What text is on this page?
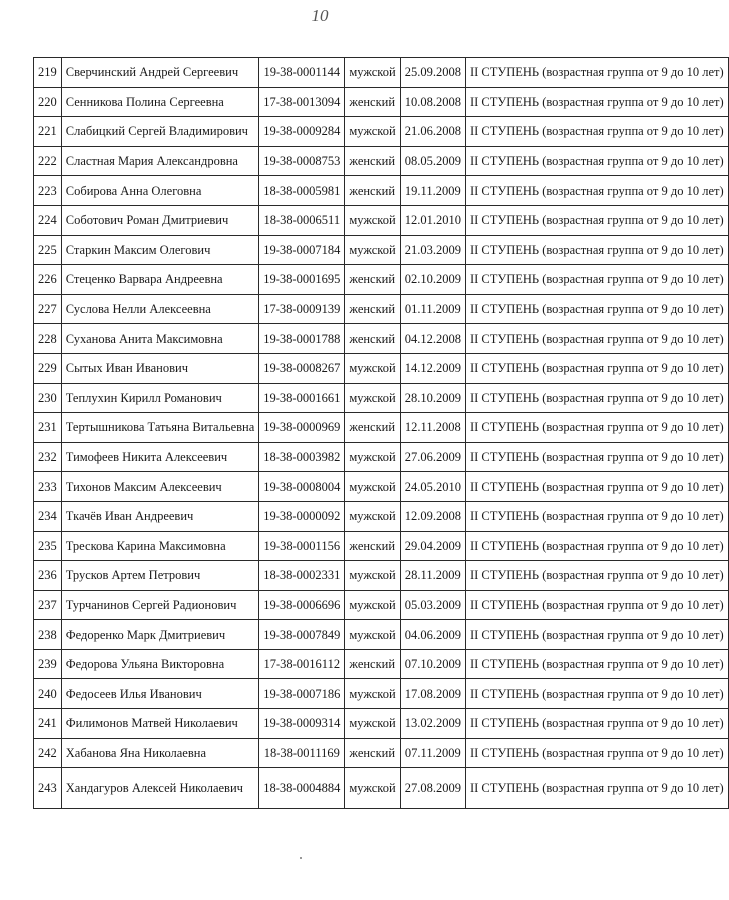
10
219	Сверчинский Андрей Сергеевич	19-38-0001144	мужской	25.09.2008	II СТУПЕНЬ (возрастная группа от 9 до 10 лет)
220	Сенникова Полина Сергеевна	17-38-0013094	женский	10.08.2008	II СТУПЕНЬ (возрастная группа от 9 до 10 лет)
221	Слабицкий Сергей Владимирович	19-38-0009284	мужской	21.06.2008	II СТУПЕНЬ (возрастная группа от 9 до 10 лет)
222	Сластная Мария Александровна	19-38-0008753	женский	08.05.2009	II СТУПЕНЬ (возрастная группа от 9 до 10 лет)
223	Собирова Анна Олеговна	18-38-0005981	женский	19.11.2009	II СТУПЕНЬ (возрастная группа от 9 до 10 лет)
224	Соботович Роман Дмитриевич	18-38-0006511	мужской	12.01.2010	II СТУПЕНЬ (возрастная группа от 9 до 10 лет)
225	Старкин Максим Олегович	19-38-0007184	мужской	21.03.2009	II СТУПЕНЬ (возрастная группа от 9 до 10 лет)
226	Стеценко Варвара Андреевна	19-38-0001695	женский	02.10.2009	II СТУПЕНЬ (возрастная группа от 9 до 10 лет)
227	Суслова Нелли Алексеевна	17-38-0009139	женский	01.11.2009	II СТУПЕНЬ (возрастная группа от 9 до 10 лет)
228	Суханова Анита Максимовна	19-38-0001788	женский	04.12.2008	II СТУПЕНЬ (возрастная группа от 9 до 10 лет)
229	Сытых Иван Иванович	19-38-0008267	мужской	14.12.2009	II СТУПЕНЬ (возрастная группа от 9 до 10 лет)
230	Теплухин Кирилл Романович	19-38-0001661	мужской	28.10.2009	II СТУПЕНЬ (возрастная группа от 9 до 10 лет)
231	Тертышникова Татьяна Витальевна	19-38-0000969	женский	12.11.2008	II СТУПЕНЬ (возрастная группа от 9 до 10 лет)
232	Тимофеев Никита Алексеевич	18-38-0003982	мужской	27.06.2009	II СТУПЕНЬ (возрастная группа от 9 до 10 лет)
233	Тихонов Максим Алексеевич	19-38-0008004	мужской	24.05.2010	II СТУПЕНЬ (возрастная группа от 9 до 10 лет)
234	Ткачёв Иван Андреевич	19-38-0000092	мужской	12.09.2008	II СТУПЕНЬ (возрастная группа от 9 до 10 лет)
235	Трескова Карина Максимовна	19-38-0001156	женский	29.04.2009	II СТУПЕНЬ (возрастная группа от 9 до 10 лет)
236	Трусков Артем Петрович	18-38-0002331	мужской	28.11.2009	II СТУПЕНЬ (возрастная группа от 9 до 10 лет)
237	Турчанинов Сергей Радионович	19-38-0006696	мужской	05.03.2009	II СТУПЕНЬ (возрастная группа от 9 до 10 лет)
238	Федоренко Марк Дмитриевич	19-38-0007849	мужской	04.06.2009	II СТУПЕНЬ (возрастная группа от 9 до 10 лет)
239	Федорова Ульяна Викторовна	17-38-0016112	женский	07.10.2009	II СТУПЕНЬ (возрастная группа от 9 до 10 лет)
240	Федосеев Илья Иванович	19-38-0007186	мужской	17.08.2009	II СТУПЕНЬ (возрастная группа от 9 до 10 лет)
241	Филимонов Матвей Николаевич	19-38-0009314	мужской	13.02.2009	II СТУПЕНЬ (возрастная группа от 9 до 10 лет)
242	Хабанова Яна Николаевна	18-38-0011169	женский	07.11.2009	II СТУПЕНЬ (возрастная группа от 9 до 10 лет)
243	Хандагуров Алексей Николаевич	18-38-0004884	мужской	27.08.2009	II СТУПЕНЬ (возрастная группа от 9 до 10 лет)
